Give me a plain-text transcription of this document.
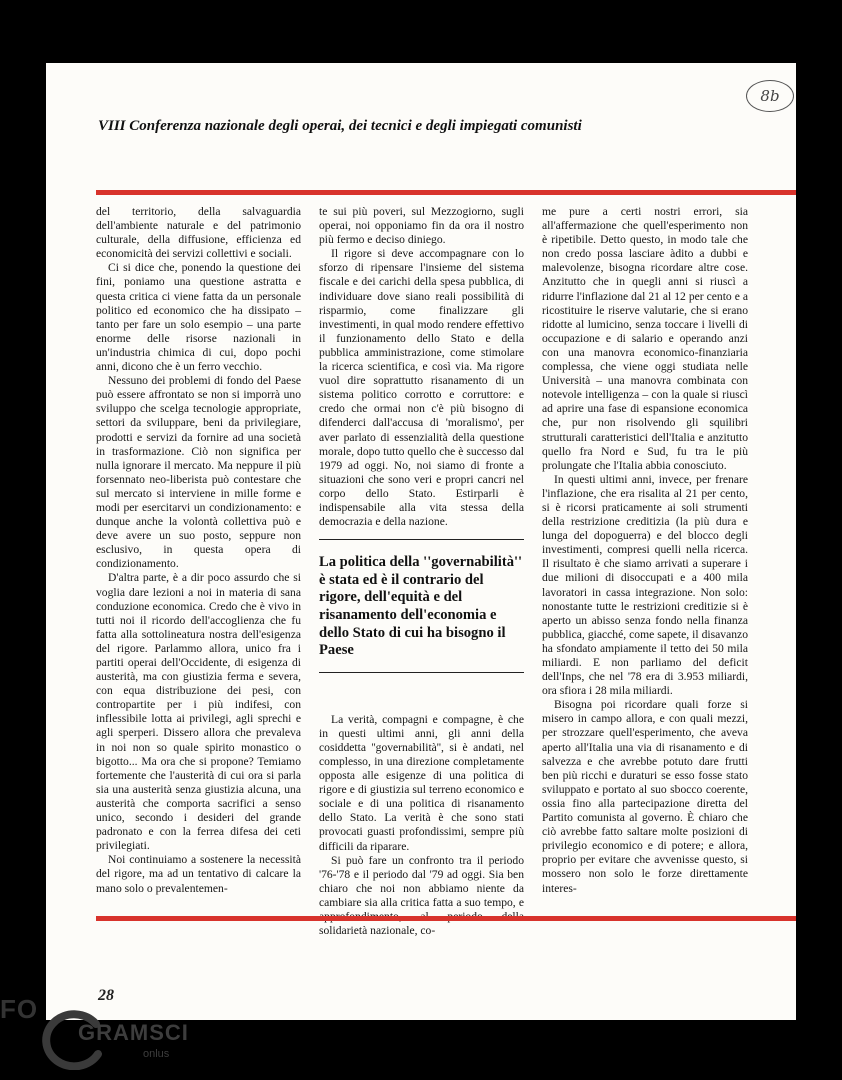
8b
VIII Conferenza nazionale degli operai, dei tecnici e degli impiegati comunisti

del territorio, della salvaguardia dell'ambiente naturale e del patrimonio culturale, della diffusione, efficienza ed economicità dei servizi collettivi e sociali.

Ci si dice che, ponendo la questione dei fini, poniamo una questione astratta e questa critica ci viene fatta da un personale politico ed economico che ha dissipato – tanto per fare un solo esempio – una parte enorme delle risorse nazionali in un'industria chimica di cui, dopo pochi anni, dicono che è un ferro vecchio.

Nessuno dei problemi di fondo del Paese può essere affrontato se non si imporrà uno sviluppo che scelga tecnologie appropriate, settori da sviluppare, beni da privilegiare, prodotti e servizi da fornire ad una società in trasformazione. Ciò non significa per nulla ignorare il mercato. Ma neppure il più forsennato neo-liberista può contestare che sul mercato si interviene in mille forme e modi per esercitarvi un condizionamento: e dunque anche la volontà collettiva può e deve avere un suo posto, seppure non esclusivo, in questa opera di condizionamento.

D'altra parte, è a dir poco assurdo che si voglia dare lezioni a noi in materia di sana conduzione economica. Credo che è vivo in tutti noi il ricordo dell'accoglienza che fu fatta alla sottolineatura nostra dell'esigenza del rigore. Parlammo allora, unico fra i partiti operai dell'Occidente, di esigenza di austerità, ma con giustizia ferma e severa, con equa distribuzione dei pesi, con contropartite per i più indifesi, con inflessibile lotta ai privilegi, agli sprechi e agli sperperi. Dissero allora che prevaleva in noi non so quale spirito monastico o bigotto... Ma ora che si propone? Temiamo fortemente che l'austerità di cui ora si parla sia una austerità senza giustizia alcuna, una austerità che comporta sacrifici a senso unico, secondo i desideri del grande padronato e con la ferrea difesa dei ceti privilegiati.

Noi continuiamo a sostenere la necessità del rigore, ma ad un tentativo di calcare la mano solo o prevalentemen-

te sui più poveri, sul Mezzogiorno, sugli operai, noi opponiamo fin da ora il nostro più fermo e deciso diniego.

Il rigore si deve accompagnare con lo sforzo di ripensare l'insieme del sistema fiscale e dei carichi della spesa pubblica, di individuare dove siano reali possibilità di risparmio, come finalizzare gli investimenti, in qual modo rendere effettivo il funzionamento dello Stato e della pubblica amministrazione, come stimolare la ricerca scientifica, e così via. Ma rigore vuol dire soprattutto risanamento di un sistema politico corrotto e corruttore: e credo che ormai non c'è più bisogno di difenderci dall'accusa di 'moralismo', per aver parlato di essenzialità della questione morale, dopo tutto quello che è successo dal 1979 ad oggi. No, noi siamo di fronte a situazioni che sono veri e propri cancri nel corpo dello Stato. Estirparli è indispensabile alla vita stessa della democrazia e della nazione.

La politica della ''governabilità'' è stata ed è il contrario del rigore, dell'equità e del risanamento dell'economia e dello Stato di cui ha bisogno il Paese

La verità, compagni e compagne, è che in questi ultimi anni, gli anni della cosiddetta ''governabilità'', si è andati, nel complesso, in una direzione completamente opposta alle esigenze di una politica di rigore e di giustizia sul terreno economico e sociale e di una politica di risanamento dello Stato. La verità è che sono stati provocati guasti profondissimi, sempre più difficili da riparare.

Si può fare un confronto tra il periodo '76-'78 e il periodo dal '79 ad oggi. Sia ben chiaro che noi non abbiamo niente da cambiare sia alla critica fatta a suo tempo, e solidarietà nazionale, co-

me pure a certi nostri errori, sia all'affermazione che quell'esperimento non è ripetibile. Detto questo, in modo tale che non credo possa lasciare àdito a dubbi e malevolenze, bisogna ricordare altre cose. Anzitutto che in quegli anni si riuscì a ridurre l'inflazione dal 21 al 12 per cento e a ricostituire le riserve valutarie, che si erano ridotte al lumicino, senza toccare i livelli di occupazione e di salario e operando anzi con una manovra economico-finanziaria complessa, che viene oggi studiata nelle Università – una manovra combinata con notevole intelligenza – con la quale si riuscì ad aprire una fase di espansione economica che, pur non risolvendo gli squilibri strutturali caratteristici dell'Italia e anzitutto quello fra Nord e Sud, fu tra le più prolungate che l'Italia abbia conosciuto.

In questi ultimi anni, invece, per frenare l'inflazione, che era risalita al 21 per cento, si è ricorsi praticamente ai soli strumenti della restrizione creditizia (la più dura e lunga del dopoguerra) e del blocco degli investimenti, compresi quelli nella ricerca. Il risultato è che siamo arrivati a superare i due milioni di disoccupati e a 400 mila lavoratori in cassa integrazione. Non solo: nonostante tutte le restrizioni creditizie si è aperto un abisso senza fondo nella finanza pubblica, giacché, come sapete, il disavanzo ha sfondato ampiamente il tetto dei 50 mila miliardi. E non parliamo del deficit dell'Inps, che nel '78 era di 3.953 miliardi, ora sfiora i 28 mila miliardi.

Bisogna poi ricordare quali forze si misero in campo allora, e con quali mezzi, per strozzare quell'esperimento, che aveva aperto all'Italia una via di risanamento e di salvezza e che avrebbe potuto dare frutti ben più ricchi e duraturi se esso fosse stato sviluppato e portato al suo sbocco coerente, ossia fino alla partecipazione diretta del Partito comunista al governo. È chiaro che ciò avrebbe fatto saltare molte posizioni di privilegio economico e di potere; e allora, proprio per evitare che avvenisse questo, si mossero non solo le forze direttamente interes-

28
FO
GRAMSCI
onlus
